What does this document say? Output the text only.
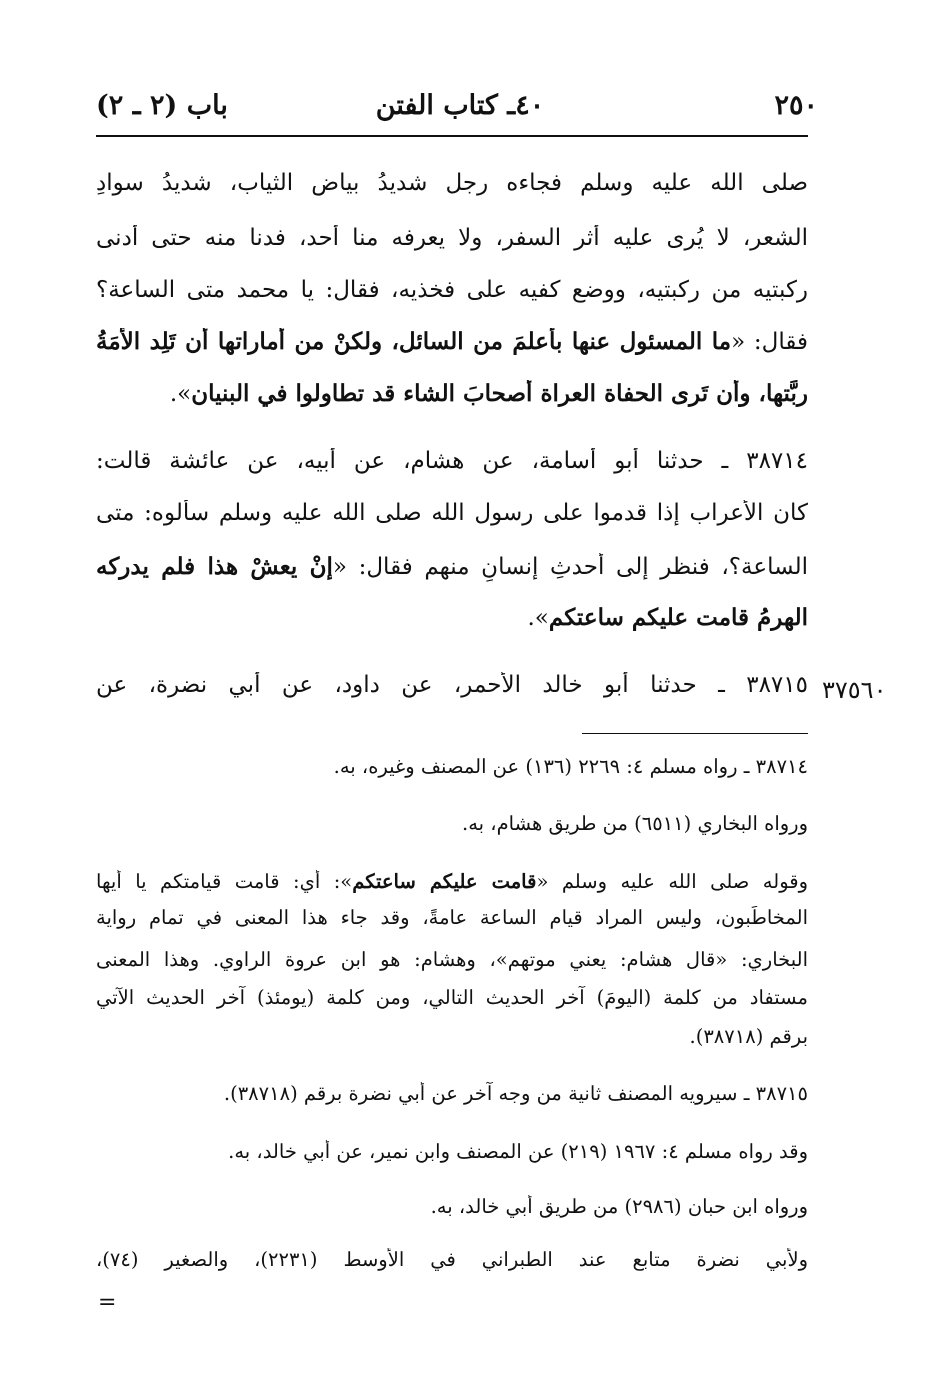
٢٥٠
٤٠ـ كتاب الفتن
باب (٢ ـ ٢)
صلى الله عليه وسلم فجاءه رجل شديدُ بياضِ الثياب، شديدُ سوادِ
الشعر، لا يُرى عليه أثر السفر، ولا يعرفه منا أحد، فدنا منه حتى أدنى
ركبتيه من ركبتيه، ووضع كفيه على فخذيه، فقال: يا محمد متى الساعة؟
فقال: «ما المسئول عنها بأعلمَ من السائل، ولكنْ من أماراتها أن تَلِد الأَمَةُ
ربَّتها، وأن تَرى الحفاة العراة أصحابَ الشاء قد تطاولوا في البنيان».
٣٨٧١٤ ـ حدثنا أبو أسامة، عن هشام، عن أبيه، عن عائشة قالت:
كان الأعراب إذا قدموا على رسول الله صلى الله عليه وسلم سألوه: متى
الساعة؟، فنظر إلى أحدثِ إنسانٍ منهم فقال: «إنْ يعشْ هذا فلم يدركه
الهرمُ قامت عليكم ساعتكم».
٣٨٧١٥ ـ حدثنا أبو خالد الأحمر، عن داود، عن أبي نضرة، عن ٣٧٥٦٠
٣٨٧١٤ ـ رواه مسلم ٤: ٢٢٦٩ (١٣٦) عن المصنف وغيره، به.
ورواه البخاري (٦٥١١) من طريق هشام، به.
وقوله صلى الله عليه وسلم «قامت عليكم ساعتكم»: أي: قامت قيامتكم يا أيها
المخاطَبون، وليس المراد قيام الساعة عامةً، وقد جاء هذا المعنى في تمام رواية
البخاري: «قال هشام: يعني موتهم»، وهشام: هو ابن عروة الراوي. وهذا المعنى
مستفاد من كلمة (اليومَ) آخر الحديث التالي، ومن كلمة (يومئذ) آخر الحديث الآتي
برقم (٣٨٧١٨).
٣٨٧١٥ ـ سيرويه المصنف ثانية من وجه آخر عن أبي نضرة برقم (٣٨٧١٨).
وقد رواه مسلم ٤: ١٩٦٧ (٢١٩) عن المصنف وابن نمير، عن أبي خالد، به.
ورواه ابن حبان (٢٩٨٦) من طريق أبي خالد، به.
ولأبي نضرة متابع عند الطبراني في الأوسط (٢٢٣١)، والصغير (٧٤)،
=
